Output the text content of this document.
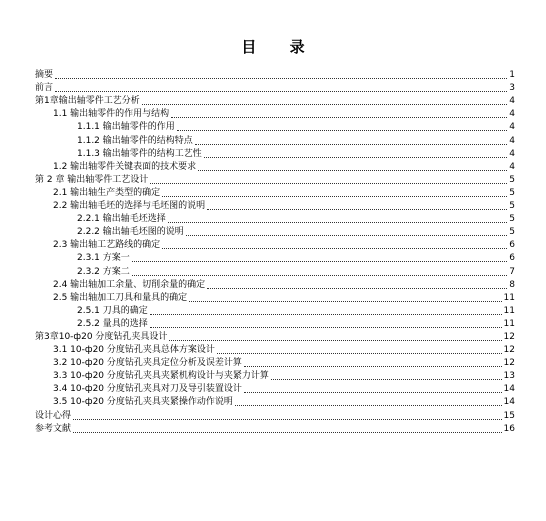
目 录
摘要	1
前言	3
第1章输出轴零件工艺分析	4
1.1 输出轴零件的作用与结构	4
1.1.1 输出轴零件的作用	4
1.1.2 输出轴零件的结构特点	4
1.1.3 输出轴零件的结构工艺性	4
1.2 输出轴零件关键表面的技术要求	4
第 2 章 输出轴零件工艺设计	5
2.1 输出轴生产类型的确定	5
2.2 输出轴毛坯的选择与毛坯图的说明	5
2.2.1 输出轴毛坯选择	5
2.2.2 输出轴毛坯图的说明	5
2.3 输出轴工艺路线的确定	6
2.3.1 方案一	6
2.3.2 方案二	7
2.4 输出轴加工余量、切削余量的确定	8
2.5 输出轴加工刀具和量具的确定	11
2.5.1 刀具的确定	11
2.5.2 量具的选择	11
第3章10-ф20 分度钻孔夹具设计	12
3.1 10-ф20 分度钻孔夹具总体方案设计	12
3.2 10-ф20 分度钻孔夹具定位分析及误差计算	12
3.3 10-ф20 分度钻孔夹具夹紧机构设计与夹紧力计算	13
3.4 10-ф20 分度钻孔夹具对刀及导引装置设计	14
3.5 10-ф20 分度钻孔夹具夹紧操作动作说明	14
设计心得	15
参考文献	16
